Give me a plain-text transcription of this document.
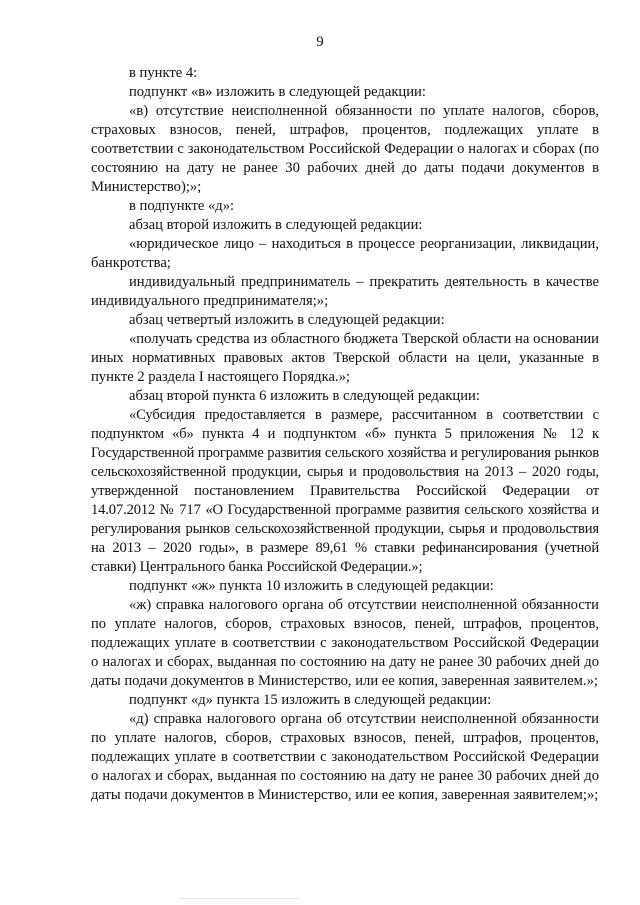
9

в пункте 4:

подпункт «в» изложить в следующей редакции:

«в) отсутствие неисполненной обязанности по уплате налогов, сборов, страховых взносов, пеней, штрафов, процентов, подлежащих уплате в соответствии с законодательством Российской Федерации о налогах и сборах (по состоянию на дату не ранее 30 рабочих дней до даты подачи документов в Министерство);»;

в подпункте «д»:

абзац второй изложить в следующей редакции:

«юридическое лицо – находиться в процессе реорганизации, ликвидации, банкротства;

индивидуальный предприниматель – прекратить деятельность в качестве индивидуального предпринимателя;»;

абзац четвертый изложить в следующей редакции:

«получать средства из областного бюджета Тверской области на основании иных нормативных правовых актов Тверской области на цели, указанные в пункте 2 раздела I настоящего Порядка.»;

абзац второй пункта 6 изложить в следующей редакции:

«Субсидия предоставляется в размере, рассчитанном в соответствии с подпунктом «б» пункта 4 и подпунктом «б» пункта 5 приложения № 12 к Государственной программе развития сельского хозяйства и регулирования рынков сельскохозяйственной продукции, сырья и продовольствия на 2013 – 2020 годы, утвержденной постановлением Правительства Российской Федерации от 14.07.2012 № 717 «О Государственной программе развития сельского хозяйства и регулирования рынков сельскохозяйственной продукции, сырья и продовольствия на 2013 – 2020 годы», в размере 89,61 % ставки рефинансирования (учетной ставки) Центрального банка Российской Федерации.»;

подпункт «ж» пункта 10 изложить в следующей редакции:

«ж) справка налогового органа об отсутствии неисполненной обязанности по уплате налогов, сборов, страховых взносов, пеней, штрафов, процентов, подлежащих уплате в соответствии с законодательством Российской Федерации о налогах и сборах, выданная по состоянию на дату не ранее 30 рабочих дней до даты подачи документов в Министерство, или ее копия, заверенная заявителем.»;

подпункт «д» пункта 15 изложить в следующей редакции:

«д) справка налогового органа об отсутствии неисполненной обязанности по уплате налогов, сборов, страховых взносов, пеней, штрафов, процентов, подлежащих уплате в соответствии с законодательством Российской Федерации о налогах и сборах, выданная по состоянию на дату не ранее 30 рабочих дней до даты подачи документов в Министерство, или ее копия, заверенная заявителем;»;
